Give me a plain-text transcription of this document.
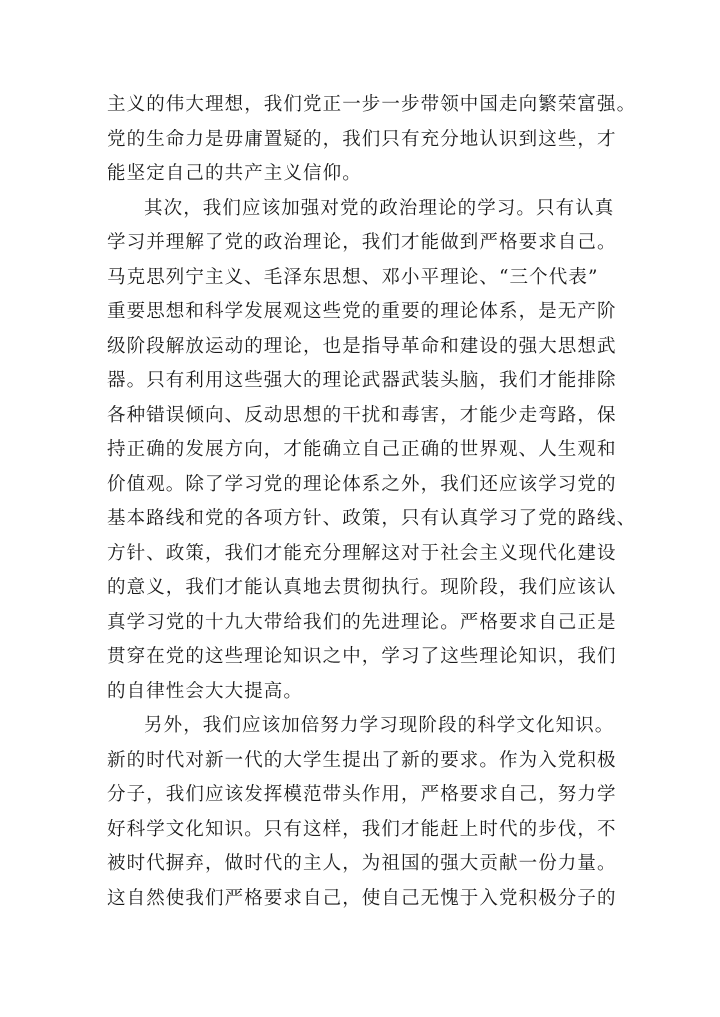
主义的伟大理想，我们党正一步一步带领中国走向繁荣富强。
党的生命力是毋庸置疑的，我们只有充分地认识到这些，才
能坚定自己的共产主义信仰。
其次，我们应该加强对党的政治理论的学习。只有认真
学习并理解了党的政治理论，我们才能做到严格要求自己。
马克思列宁主义、毛泽东思想、邓小平理论、“三个代表”
重要思想和科学发展观这些党的重要的理论体系，是无产阶
级阶段解放运动的理论，也是指导革命和建设的强大思想武
器。只有利用这些强大的理论武器武装头脑，我们才能排除
各种错误倾向、反动思想的干扰和毒害，才能少走弯路，保
持正确的发展方向，才能确立自己正确的世界观、人生观和
价值观。除了学习党的理论体系之外，我们还应该学习党的
基本路线和党的各项方针、政策，只有认真学习了党的路线、
方针、政策，我们才能充分理解这对于社会主义现代化建设
的意义，我们才能认真地去贯彻执行。现阶段，我们应该认
真学习党的十九大带给我们的先进理论。严格要求自己正是
贯穿在党的这些理论知识之中，学习了这些理论知识，我们
的自律性会大大提高。
另外，我们应该加倍努力学习现阶段的科学文化知识。
新的时代对新一代的大学生提出了新的要求。作为入党积极
分子，我们应该发挥模范带头作用，严格要求自己，努力学
好科学文化知识。只有这样，我们才能赶上时代的步伐，不
被时代摒弃，做时代的主人，为祖国的强大贡献一份力量。
这自然使我们严格要求自己，使自己无愧于入党积极分子的
